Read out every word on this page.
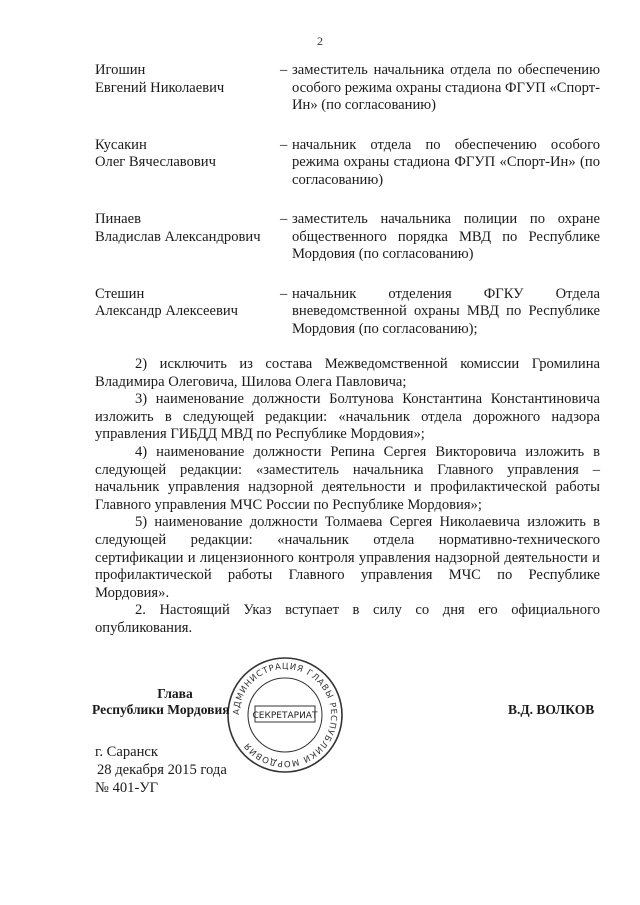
2
Игошин
Евгений Николаевич
– заместитель начальника отдела по обеспечению особого режима охраны стадиона ФГУП «Спорт-Ин» (по согласованию)
Кусакин
Олег Вячеславович
– начальник отдела по обеспечению особого режима охраны стадиона ФГУП «Спорт-Ин» (по согласованию)
Пинаев
Владислав Александрович
– заместитель начальника полиции по охране общественного порядка МВД по Республике Мордовия (по согласованию)
Стешин
Александр Алексеевич
– начальник отделения ФГКУ Отдела вневедомственной охраны МВД по Республике Мордовия (по согласованию);

2) исключить из состава Межведомственной комиссии Громилина Владимира Олеговича, Шилова Олега Павловича;

3) наименование должности Болтунова Константина Константиновича изложить в следующей редакции: «начальник отдела дорожного надзора управления ГИБДД МВД по Республике Мордовия»;

4) наименование должности Репина Сергея Викторовича изложить в следующей редакции: «заместитель начальника Главного управления – начальник управления надзорной деятельности и профилактической работы Главного управления МЧС России по Республике Мордовия»;

5) наименование должности Толмаева Сергея Николаевича изложить в следующей редакции: «начальник отдела нормативно-технического сертификации и лицензионного контроля управления надзорной деятельности и профилактической работы Главного управления МЧС по Республике Мордовия».

2. Настоящий Указ вступает в силу со дня его официального опубликования.

АДМИНИСТРАЦИЯ ГЛАВЫ РЕСПУБЛИКИ МОРДОВИЯ
СЕКРЕТАРИАТ
Глава
Республики Мордовия	В.Д. ВОЛКОВ
г. Саранск
28 декабря 2015 года
№ 401-УГ
